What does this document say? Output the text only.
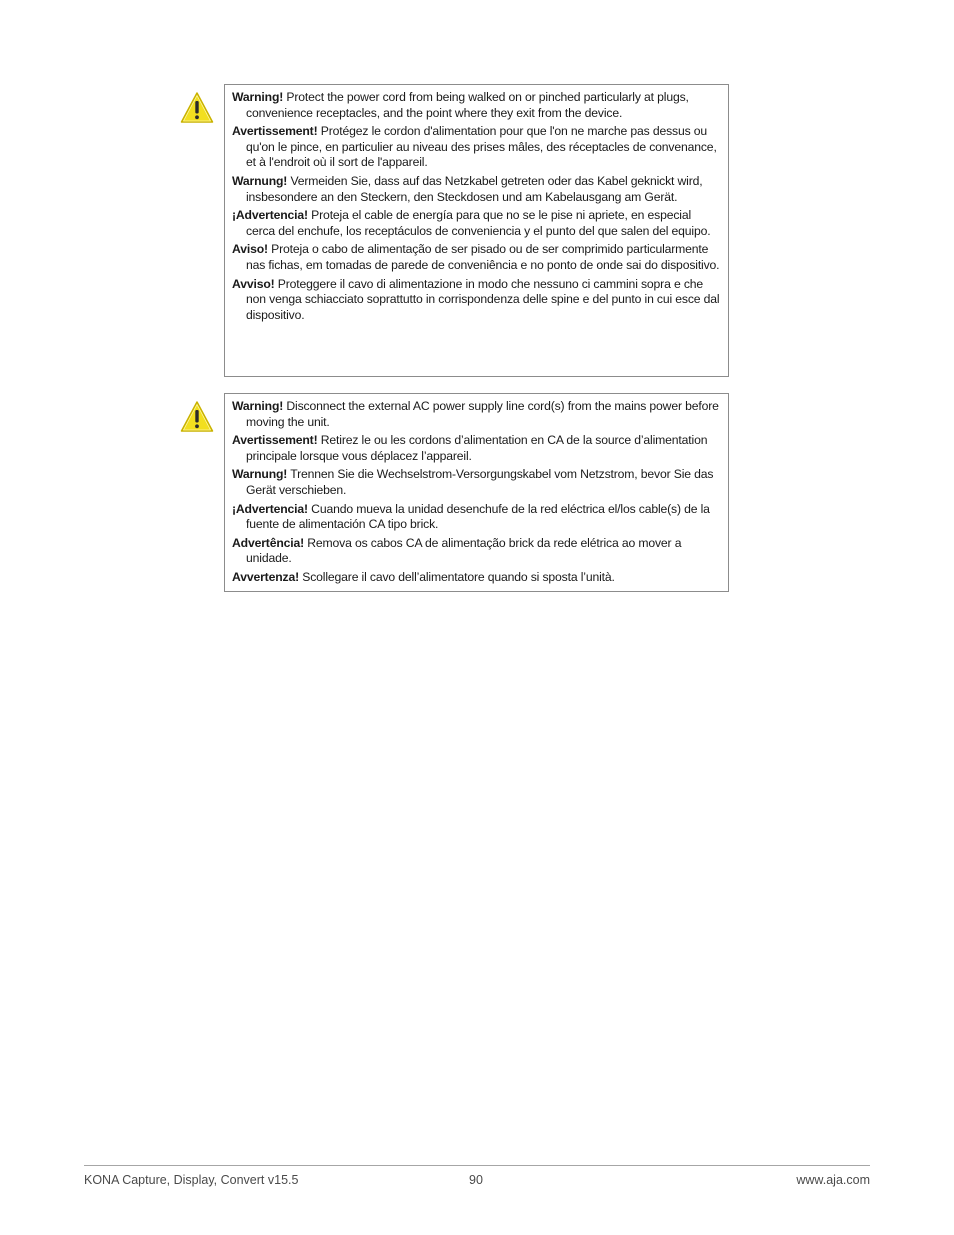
Warning! Protect the power cord from being walked on or pinched particularly at plugs, convenience receptacles, and the point where they exit from the device.

Avertissement! Protégez le cordon d'alimentation pour que l'on ne marche pas dessus ou qu'on le pince, en particulier au niveau des prises mâles, des réceptacles de convenance, et à l'endroit où il sort de l'appareil.

Warnung! Vermeiden Sie, dass auf das Netzkabel getreten oder das Kabel geknickt wird, insbesondere an den Steckern, den Steckdosen und am Kabelausgang am Gerät.

¡Advertencia! Proteja el cable de energía para que no se le pise ni apriete, en especial cerca del enchufe, los receptáculos de conveniencia y el punto del que salen del equipo.

Aviso! Proteja o cabo de alimentação de ser pisado ou de ser comprimido particularmente nas fichas, em tomadas de parede de conveniência e no ponto de onde sai do dispositivo.

Avviso! Proteggere il cavo di alimentazione in modo che nessuno ci cammini sopra e che non venga schiacciato soprattutto in corrispondenza delle spine e del punto in cui esce dal dispositivo.

Warning! Disconnect the external AC power supply line cord(s) from the mains power before moving the unit.

Avertissement! Retirez le ou les cordons d’alimentation en CA de la source d’alimentation principale lorsque vous déplacez l’appareil.

Warnung! Trennen Sie die Wechselstrom-Versorgungskabel vom Netzstrom, bevor Sie das Gerät verschieben.

¡Advertencia! Cuando mueva la unidad desenchufe de la red eléctrica el/los cable(s) de la fuente de alimentación CA tipo brick.

Advertência! Remova os cabos CA de alimentação brick da rede elétrica ao mover a unidade.

Avvertenza! Scollegare il cavo dell’alimentatore quando si sposta l’unità.

KONA Capture, Display, Convert v15.5	90	www.aja.com
